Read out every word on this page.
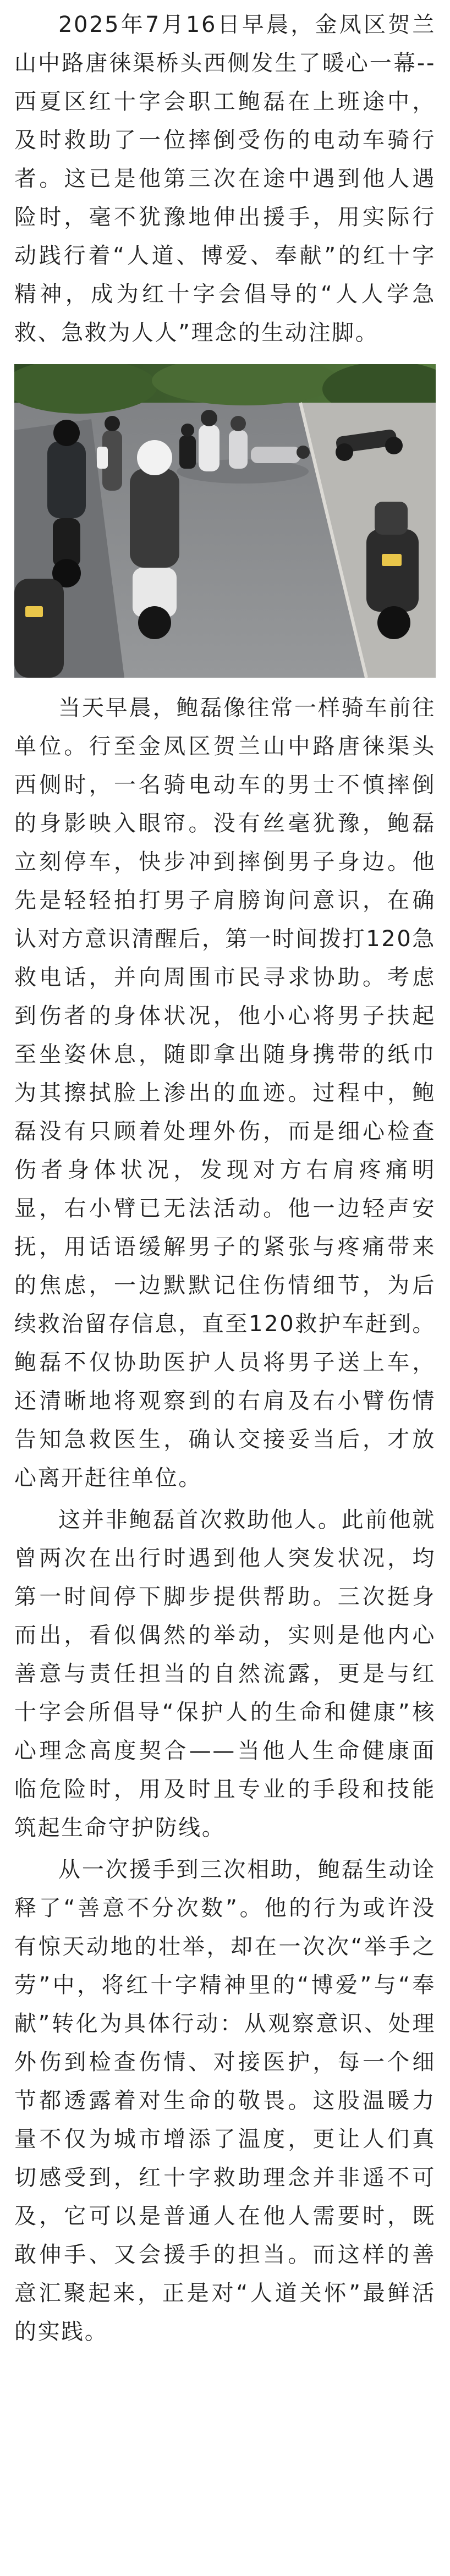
2025年7月16日早晨，金凤区贺兰山中路唐徕渠桥头西侧发生了暖心一幕--西夏区红十字会职工鲍磊在上班途中，及时救助了一位摔倒受伤的电动车骑行者。这已是他第三次在途中遇到他人遇险时，毫不犹豫地伸出援手，用实际行动践行着“人道、博爱、奉献”的红十字精神，成为红十字会倡导的“人人学急救、急救为人人”理念的生动注脚。

当天早晨，鲍磊像往常一样骑车前往单位。行至金凤区贺兰山中路唐徕渠头西侧时，一名骑电动车的男士不慎摔倒的身影映入眼帘。没有丝毫犹豫，鲍磊立刻停车，快步冲到摔倒男子身边。他先是轻轻拍打男子肩膀询问意识，在确认对方意识清醒后，第一时间拨打120急救电话，并向周围市民寻求协助。考虑到伤者的身体状况，他小心将男子扶起至坐姿休息，随即拿出随身携带的纸巾为其擦拭脸上渗出的血迹。过程中，鲍磊没有只顾着处理外伤，而是细心检查伤者身体状况，发现对方右肩疼痛明显，右小臂已无法活动。他一边轻声安抚，用话语缓解男子的紧张与疼痛带来的焦虑，一边默默记住伤情细节，为后续救治留存信息，直至120救护车赶到。鲍磊不仅协助医护人员将男子送上车，还清晰地将观察到的右肩及右小臂伤情告知急救医生，确认交接妥当后，才放心离开赶往单位。

这并非鲍磊首次救助他人。此前他就曾两次在出行时遇到他人突发状况，均第一时间停下脚步提供帮助。三次挺身而出，看似偶然的举动，实则是他内心善意与责任担当的自然流露，更是与红十字会所倡导“保护人的生命和健康”核心理念高度契合——当他人生命健康面临危险时，用及时且专业的手段和技能筑起生命守护防线。

从一次援手到三次相助，鲍磊生动诠释了“善意不分次数”。他的行为或许没有惊天动地的壮举，却在一次次“举手之劳”中，将红十字精神里的“博爱”与“奉献”转化为具体行动：从观察意识、处理外伤到检查伤情、对接医护，每一个细节都透露着对生命的敬畏。这股温暖力量不仅为城市增添了温度，更让人们真切感受到，红十字救助理念并非遥不可及，它可以是普通人在他人需要时，既敢伸手、又会援手的担当。而这样的善意汇聚起来，正是对“人道关怀”最鲜活的实践。
